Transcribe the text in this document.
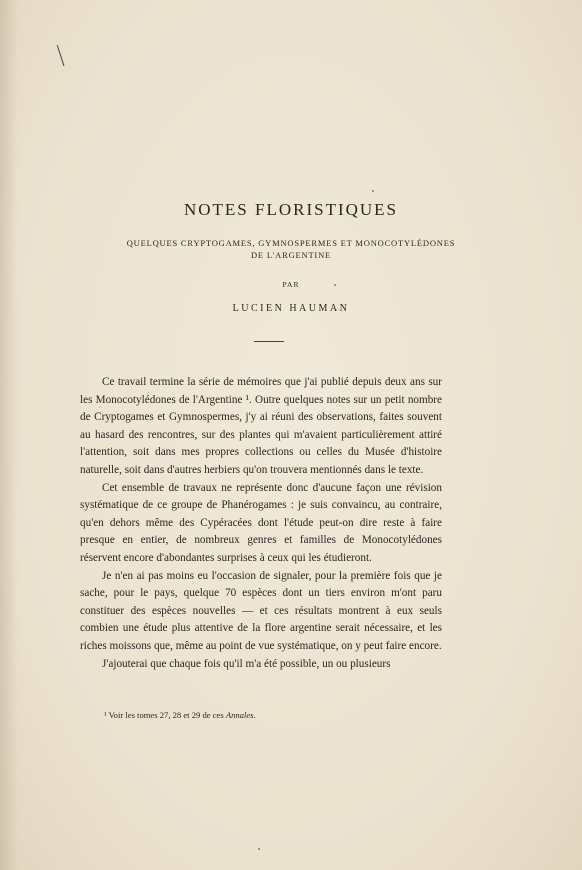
NOTES FLORISTIQUES

QUELQUES CRYPTOGAMES, GYMNOSPERMES ET MONOCOTYLÉDONES

DE L'ARGENTINE

PAR
LUCIEN HAUMAN

Ce travail termine la série de mémoires que j'ai publié depuis deux ans sur les Monocotylédones de l'Argentine ¹. Outre quelques notes sur un petit nombre de Cryptogames et Gymnospermes, j'y ai réuni des observations, faites souvent au hasard des rencontres, sur des plantes qui m'avaient particulièrement attiré l'attention, soit dans mes propres collections ou celles du Musée d'histoire naturelle, soit dans d'autres herbiers qu'on trouvera mentionnés dans le texte.

Cet ensemble de travaux ne représente donc d'aucune façon une révision systématique de ce groupe de Phanérogames : je suis convaincu, au contraire, qu'en dehors même des Cypéracées dont l'étude peut-on dire reste à faire presque en entier, de nombreux genres et familles de Monocotylédones réservent encore d'abondantes surprises à ceux qui les étudieront.

Je n'en ai pas moins eu l'occasion de signaler, pour la première fois que je sache, pour le pays, quelque 70 espèces dont un tiers environ m'ont paru constituer des espèces nouvelles — et ces résultats montrent à eux seuls combien une étude plus attentive de la flore argentine serait nécessaire, et les riches moissons que, même au point de vue systématique, on y peut faire encore.

J'ajouterai que chaque fois qu'il m'a été possible, un ou plusieurs

¹ Voir les tomes 27, 28 et 29 de ces Annales.
